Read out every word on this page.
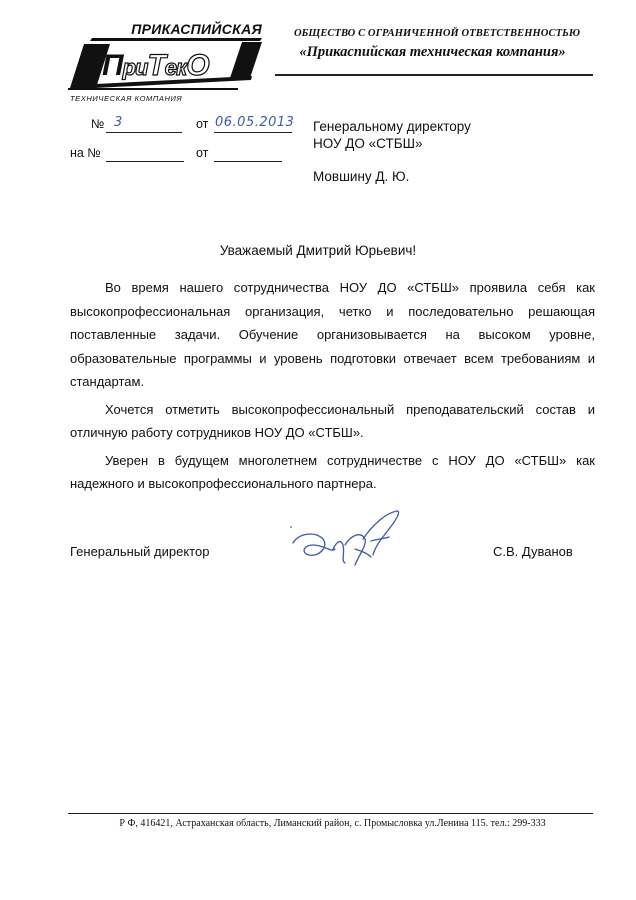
ПРИКАСПИЙСКАЯ
ПриТекО
ТЕХНИЧЕСКАЯ КОМПАНИЯ
ОБЩЕСТВО С ОГРАНИЧЕННОЙ ОТВЕТСТВЕННОСТЬЮ
«Прикаспийская техническая компания»
№ 3	от 06.05.2013
на №	от
Генеральному директору
НОУ ДО «СТБШ»
Мовшину Д. Ю.
Уважаемый Дмитрий Юрьевич!

Во время нашего сотрудничества НОУ ДО «СТБШ» проявила себя как высокопрофессиональная организация, четко и последовательно решающая поставленные задачи. Обучение организовывается на высоком уровне, образовательные программы и уровень подготовки отвечает всем требованиям и стандартам.

Хочется отметить высокопрофессиональный преподавательский состав и отличную работу сотрудников НОУ ДО «СТБШ».

Уверен в будущем многолетнем сотрудничестве с НОУ ДО «СТБШ» как надежного и высокопрофессионального партнера.

Генеральный директор	С.В. Дуванов
Р Ф, 416421, Астраханская область, Лиманский район, с. Промысловка ул.Ленина 115. тел.: 299-333
